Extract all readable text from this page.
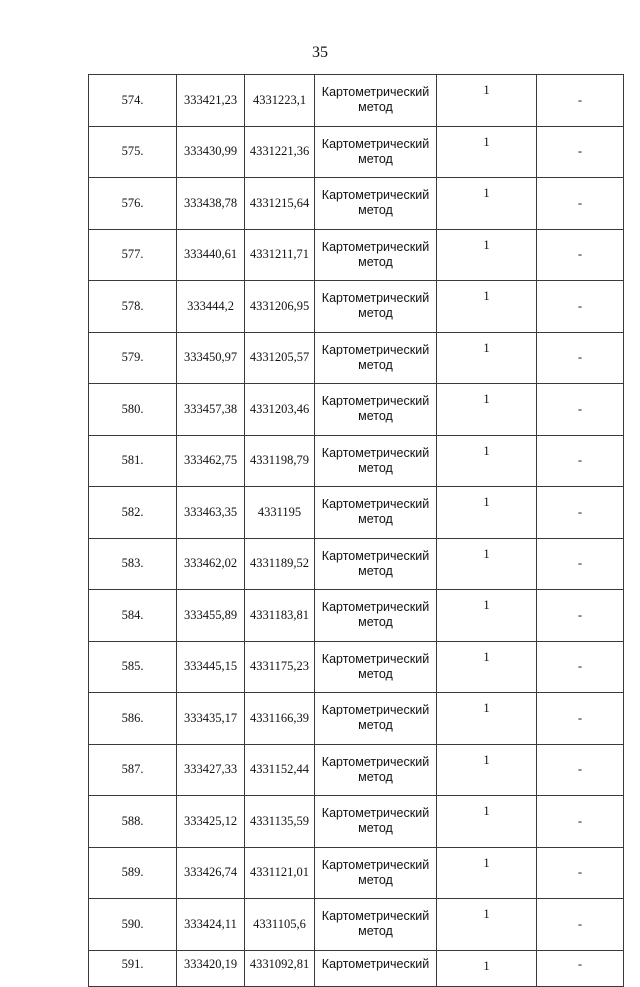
35
574.	333421,23	4331223,1	Картометрический метод	1	-
575.	333430,99	4331221,36	Картометрический метод	1	-
576.	333438,78	4331215,64	Картометрический метод	1	-
577.	333440,61	4331211,71	Картометрический метод	1	-
578.	333444,2	4331206,95	Картометрический метод	1	-
579.	333450,97	4331205,57	Картометрический метод	1	-
580.	333457,38	4331203,46	Картометрический метод	1	-
581.	333462,75	4331198,79	Картометрический метод	1	-
582.	333463,35	4331195	Картометрический метод	1	-
583.	333462,02	4331189,52	Картометрический метод	1	-
584.	333455,89	4331183,81	Картометрический метод	1	-
585.	333445,15	4331175,23	Картометрический метод	1	-
586.	333435,17	4331166,39	Картометрический метод	1	-
587.	333427,33	4331152,44	Картометрический метод	1	-
588.	333425,12	4331135,59	Картометрический метод	1	-
589.	333426,74	4331121,01	Картометрический метод	1	-
590.	333424,11	4331105,6	Картометрический метод	1	-
591.	333420,19	4331092,81	Картометрический	1	-
